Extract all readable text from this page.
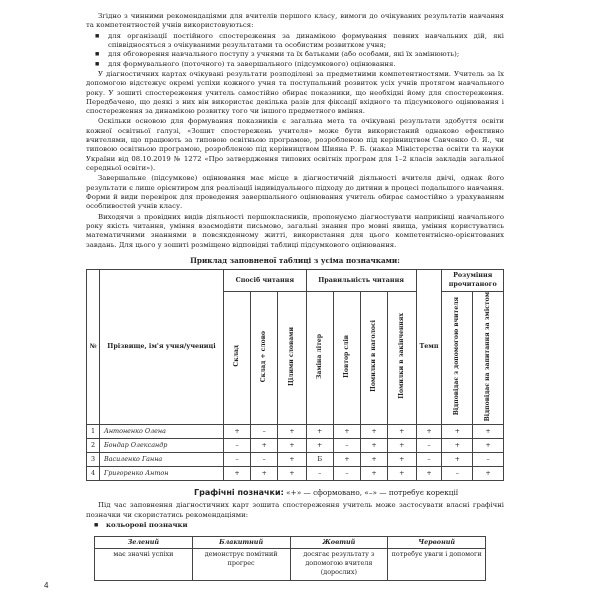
Згідно з чинними рекомендаціями для вчителів першого класу, вимоги до очікуваних результатів навчання та компетентностей учнів використовуються:

■ для організації постійного спостереження за динамікою формування певних навчальних дій, які співвідносяться з очікуваними результатами та особистим розвитком учня;
■ для обговорення навчального поступу з учнями та їх батьками (або особами, які їх замінюють);
■ для формувального (поточного) та завершального (підсумкового) оцінювання.

У діагностичних картах очікувані результати розподілені за предметними компетентностями. Учитель за їх допомогою відстежує окремі успіхи кожного учня та поступальний розвиток усіх учнів протягом навчального року. У зошиті спостереження учитель самостійно обирає показники, що необхідні йому для спостереження. Передбачено, що деякі з них він використає декілька разів для фіксації вхідного та підсумкового оцінювання і спостереження за динамікою розвитку того чи іншого предметного вміння.

Оскільки основою для формування показників є загальна мета та очікувані результати здобуття освіти кожної освітньої галузі, «Зошит спостережень учителя» може бути використаний однаково ефективно вчителями, що працюють за типовою освітньою програмою, розробленою під керівництвом Савченко О. Я., чи типовою освітньою програмою, розробленою під керівництвом Шияна Р. Б. (наказ Міністерства освіти та науки України від 08.10.2019 № 1272 «Про затвердження типових освітніх програм для 1–2 класів закладів загальної середньої освіти»).

Завершальне (підсумкове) оцінювання має місце в діагностичній діяльності вчителя двічі, однак його результати є лише орієнтиром для реалізації індивідуального підходу до дитини в процесі подальшого навчання. Форми й види перевірок для проведення завершального оцінювання учитель обирає самостійно з урахуванням особливостей учнів класу.

Виходячи з провідних видів діяльності першокласників, пропонуємо діагностувати наприкінці навчального року якість читання, уміння взаємодіяти письмово, загальні знання про мовні явища, уміння користуватись математичними знаннями в повсякденному житті, використання для цього компетентнісно-орієнтованих завдань. Для цього у зошиті розміщено відповідні таблиці підсумкового оцінювання.

Приклад заповненої таблиці з усіма позначками:
№	Прізвище, ім'я учня/учениці	Спосіб читання			Правильність читання				Темп	Розуміння прочитаного	
		Склад	Склад + слово	Цілими словами	Заміна літер	Повтор слів	Помилки в наголосі	Помилки в закінченнях		Відповідає з допомогою вчителя	Відповідає на запитання за змістом
1	Антоненко Олена	+	–	+	+	+	+	+	+	+	+
2	Бондар Олександр	–	+	+	+	–	+	+	–	+	+
3	Василенко Ганна	–	–	+	Б	+	+	+	–	+	–
4	Григоренко Антон	+	+	+	–	–	+	+	+	–	+
Графічні позначки: «+» — сформовано, «–» — потребує корекції

Під час заповнення діагностичних карт зошита спостереження учитель може застосувати власні графічні позначки чи скористатись рекомендаціями:

■ кольорові позначки
Зелений	Блакитний	Жовтий	Червоний
має значні успіхи	демонструє помітний прогрес	досягає результату з допомогою вчителя (дорослих)	потребує уваги і допомоги
4
